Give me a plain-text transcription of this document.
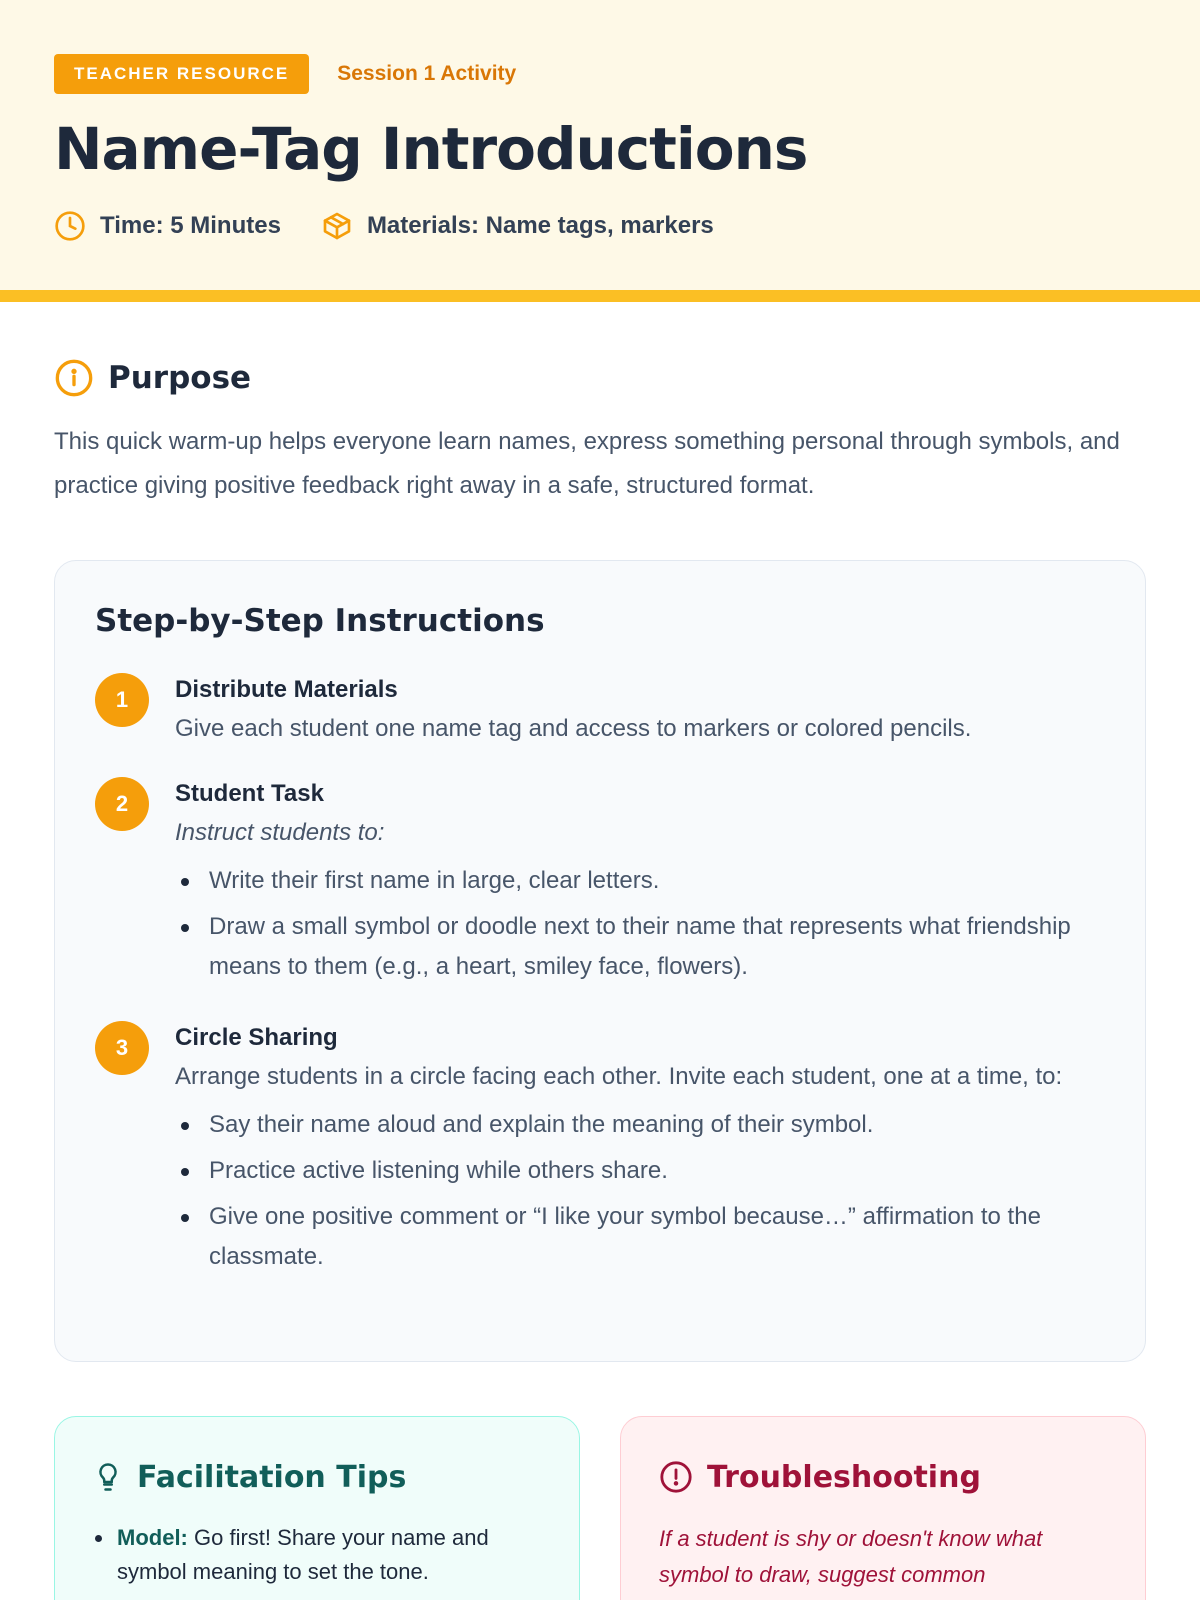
TEACHER RESOURCE	Session 1 Activity
Name-Tag Introductions
Time: 5 Minutes	Materials: Name tags, markers
Purpose

This quick warm-up helps everyone learn names, express something personal through symbols, and practice giving positive feedback right away in a safe, structured format.

Step-by-Step Instructions
1	Distribute Materials
Give each student one name tag and access to markers or colored pencils.
2	Student Task
Instruct students to:
Write their first name in large, clear letters.
Draw a small symbol or doodle next to their name that represents what friendship means to them (e.g., a heart, smiley face, flowers).
3	Circle Sharing
Arrange students in a circle facing each other. Invite each student, one at a time, to:
Say their name aloud and explain the meaning of their symbol.
Practice active listening while others share.
Give one positive comment or “I like your symbol because…” affirmation to the classmate.
Facilitation Tips
Model: Go first! Share your name and symbol meaning to set the tone.
Troubleshooting

If a student is shy or doesn't know what symbol to draw, suggest common
